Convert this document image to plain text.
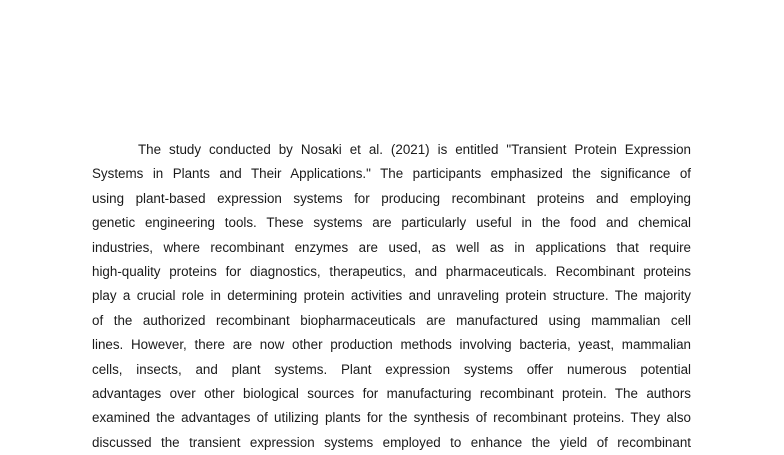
The study conducted by Nosaki et al. (2021) is entitled "Transient Protein Expression
Systems in Plants and Their Applications." The participants emphasized the significance of
using plant-based expression systems for producing recombinant proteins and employing
genetic engineering tools. These systems are particularly useful in the food and chemical
industries, where recombinant enzymes are used, as well as in applications that require
high-quality proteins for diagnostics, therapeutics, and pharmaceuticals. Recombinant proteins
play a crucial role in determining protein activities and unraveling protein structure. The majority
of the authorized recombinant biopharmaceuticals are manufactured using mammalian cell
lines. However, there are now other production methods involving bacteria, yeast, mammalian
cells, insects, and plant systems. Plant expression systems offer numerous potential
advantages over other biological sources for manufacturing recombinant protein. The authors
examined the advantages of utilizing plants for the synthesis of recombinant proteins. They also
discussed the transient expression systems employed to enhance the yield of recombinant
